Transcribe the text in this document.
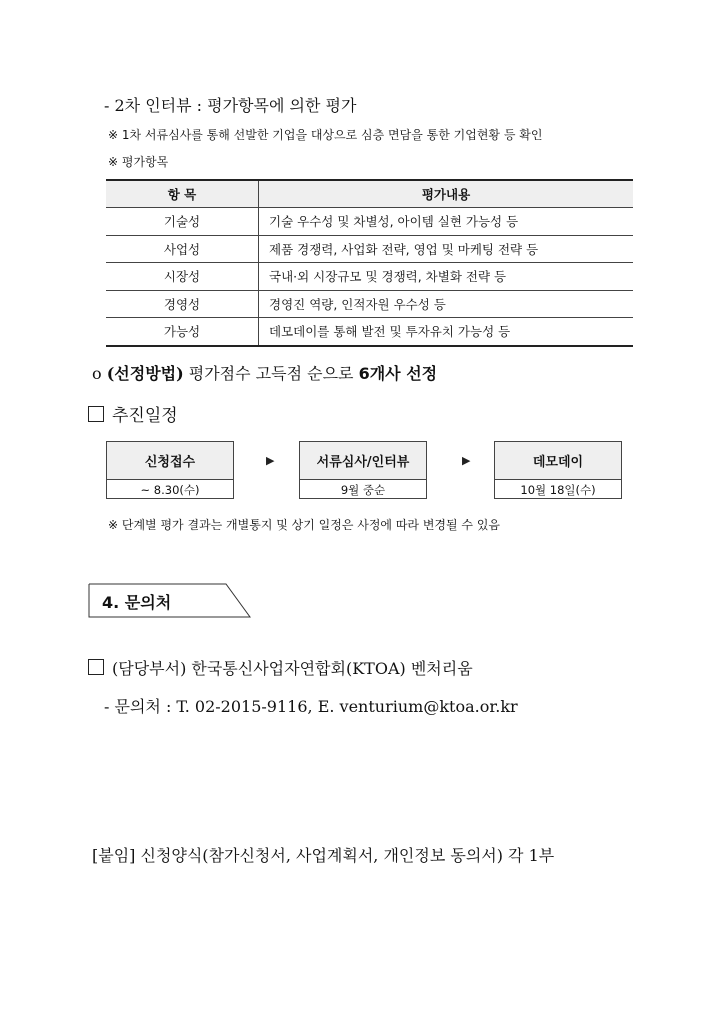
- 2차 인터뷰 : 평가항목에 의한 평가
※ 1차 서류심사를 통해 선발한 기업을 대상으로 심층 면담을 통한 기업현황 등 확인
※ 평가항목
항 목	평가내용
기술성	기술 우수성 및 차별성, 아이템 실현 가능성 등
사업성	제품 경쟁력, 사업화 전략, 영업 및 마케팅 전략 등
시장성	국내·외 시장규모 및 경쟁력, 차별화 전략 등
경영성	경영진 역량, 인적자원 우수성 등
가능성	데모데이를 통해 발전 및 투자유치 가능성 등
o (선정방법) 평가점수 고득점 순으로 6개사 선정
추진일정
신청접수
~ 8.30(수)
▶	서류심사/인터뷰
9월 중순
▶	데모데이
10월 18일(수)
※ 단계별 평가 결과는 개별통지 및 상기 일정은 사정에 따라 변경될 수 있음
4. 문의처
(담당부서) 한국통신사업자연합회(KTOA) 벤처리움
- 문의처 : T. 02-2015-9116, E. venturium@ktoa.or.kr
[붙임] 신청양식(참가신청서, 사업계획서, 개인정보 동의서) 각 1부
